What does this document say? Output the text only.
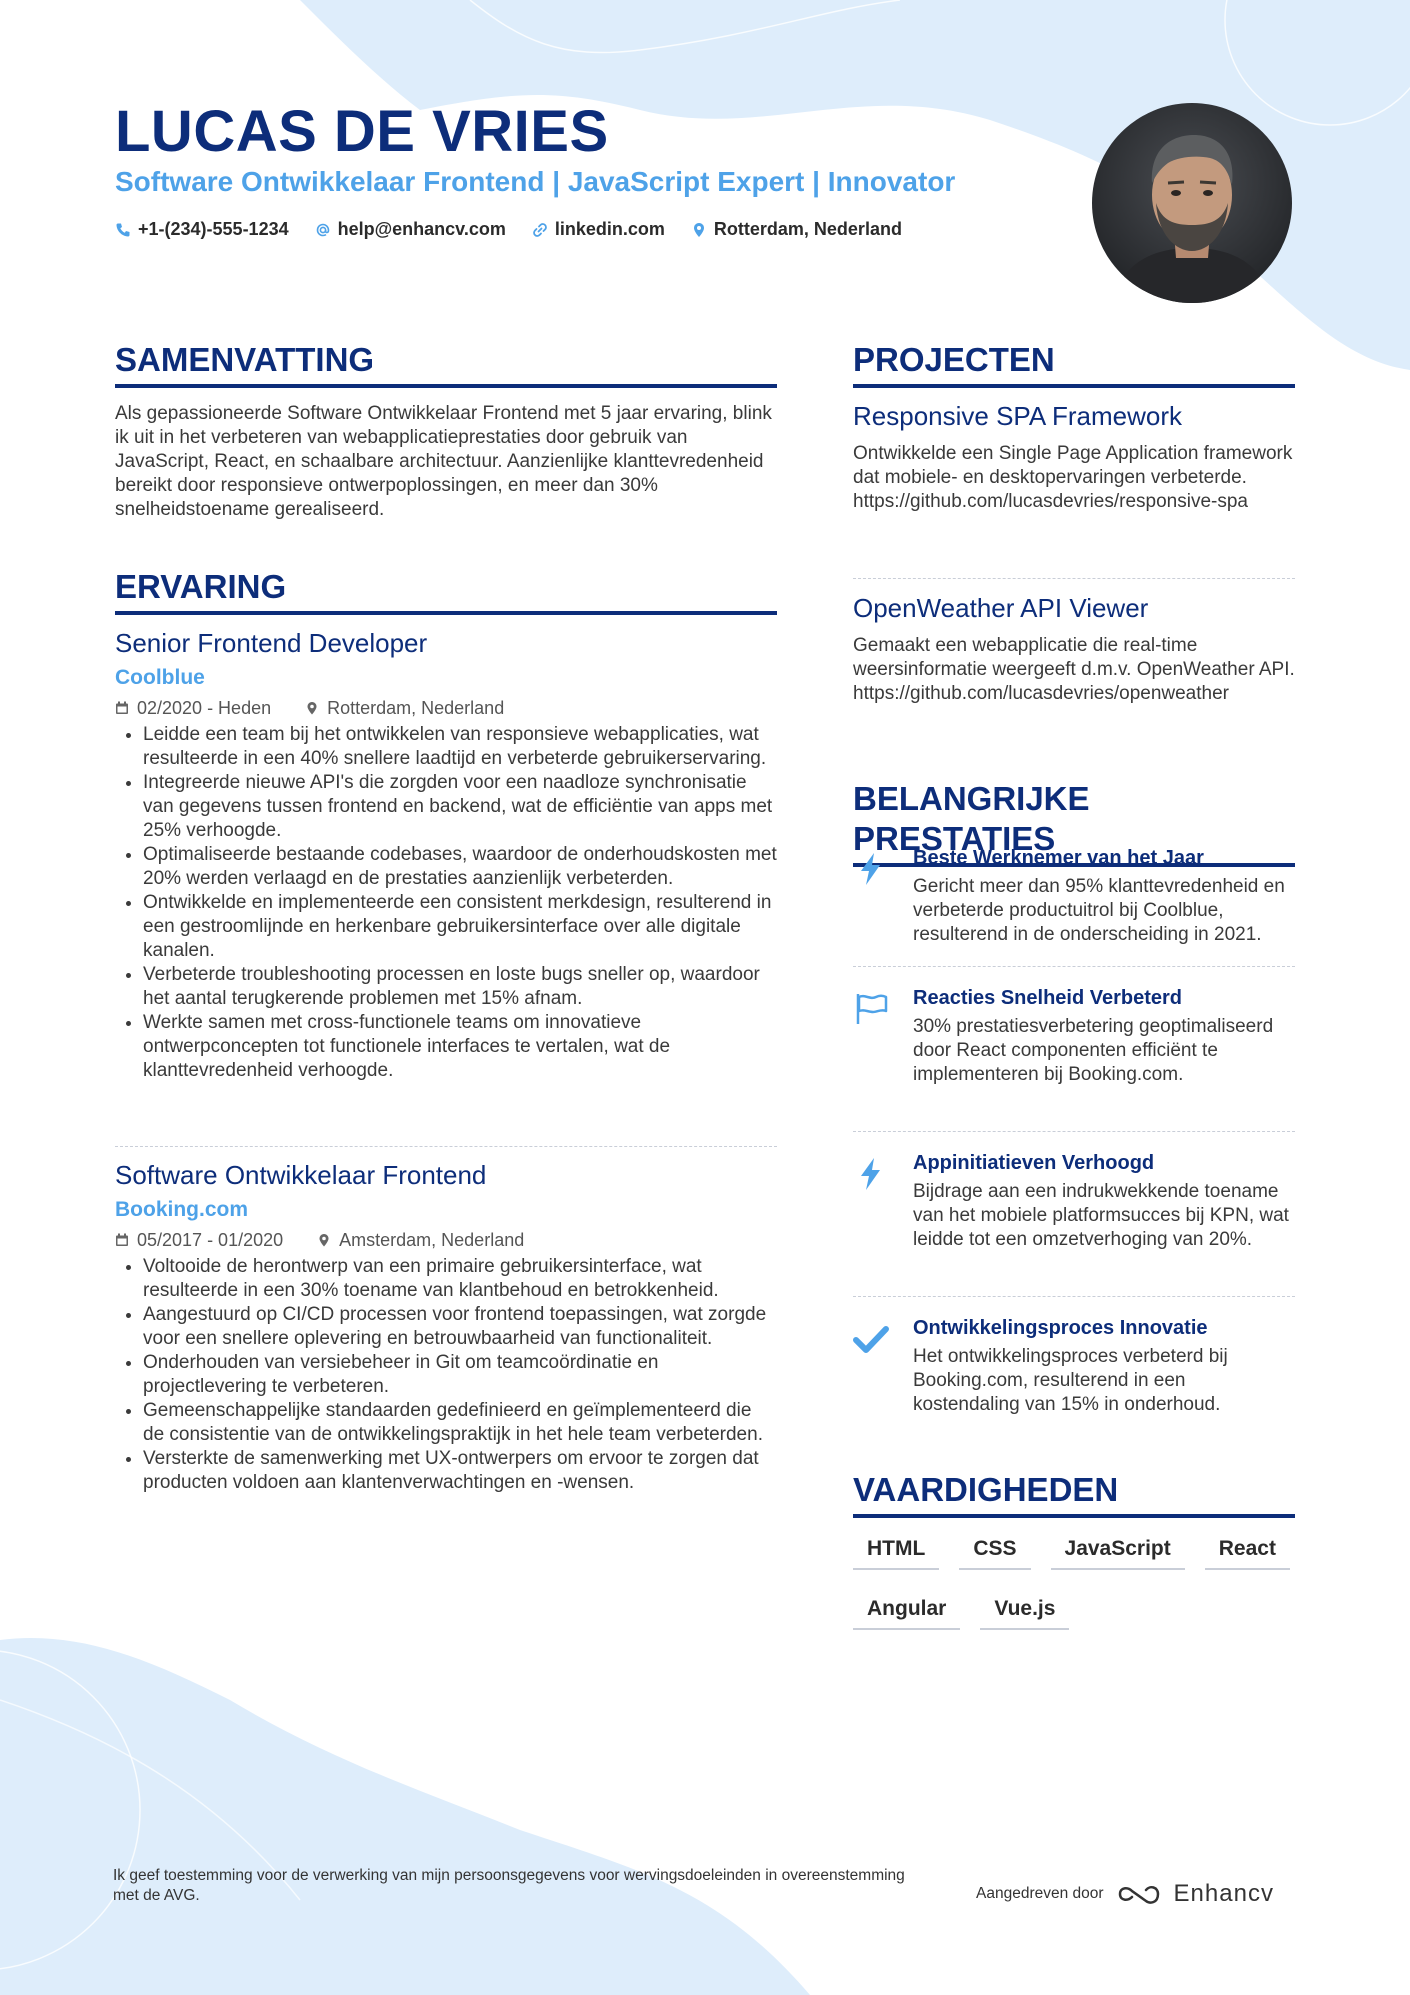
LUCAS DE VRIES
Software Ontwikkelaar Frontend | JavaScript Expert | Innovator
+1-(234)-555-1234	help@enhancv.com	linkedin.com	Rotterdam, Nederland
SAMENVATTING
Als gepassioneerde Software Ontwikkelaar Frontend met 5 jaar ervaring, blink ik uit in het verbeteren van webapplicatieprestaties door gebruik van JavaScript, React, en schaalbare architectuur. Aanzienlijke klanttevredenheid bereikt door responsieve ontwerpoplossingen, en meer dan 30% snelheidstoename gerealiseerd.
ERVARING
Senior Frontend Developer
Coolblue
02/2020 - Heden	Rotterdam, Nederland
• Leidde een team bij het ontwikkelen van responsieve webapplicaties, wat resulteerde in een 40% snellere laadtijd en verbeterde gebruikerservaring.
• Integreerde nieuwe API's die zorgden voor een naadloze synchronisatie van gegevens tussen frontend en backend, wat de efficiëntie van apps met 25% verhoogde.
• Optimaliseerde bestaande codebases, waardoor de onderhoudskosten met 20% werden verlaagd en de prestaties aanzienlijk verbeterden.
• Ontwikkelde en implementeerde een consistent merkdesign, resulterend in een gestroomlijnde en herkenbare gebruikersinterface over alle digitale kanalen.
• Verbeterde troubleshooting processen en loste bugs sneller op, waardoor het aantal terugkerende problemen met 15% afnam.
• Werkte samen met cross-functionele teams om innovatieve ontwerpconcepten tot functionele interfaces te vertalen, wat de klanttevredenheid verhoogde.
Software Ontwikkelaar Frontend
Booking.com
05/2017 - 01/2020	Amsterdam, Nederland
• Voltooide de herontwerp van een primaire gebruikersinterface, wat resulteerde in een 30% toename van klantbehoud en betrokkenheid.
• Aangestuurd op CI/CD processen voor frontend toepassingen, wat zorgde voor een snellere oplevering en betrouwbaarheid van functionaliteit.
• Onderhouden van versiebeheer in Git om teamcoördinatie en projectlevering te verbeteren.
• Gemeenschappelijke standaarden gedefinieerd en geïmplementeerd die de consistentie van de ontwikkelingspraktijk in het hele team verbeterden.
• Versterkte de samenwerking met UX-ontwerpers om ervoor te zorgen dat producten voldoen aan klantenverwachtingen en -wensen.
PROJECTEN
Responsive SPA Framework
Ontwikkelde een Single Page Application framework dat mobiele- en desktopervaringen verbeterde. https://github.com/lucasdevries/responsive-spa
OpenWeather API Viewer
Gemaakt een webapplicatie die real-time weersinformatie weergeeft d.m.v. OpenWeather API. https://github.com/lucasdevries/openweather
BELANGRIJKE PRESTATIES
Beste Werknemer van het Jaar
Gericht meer dan 95% klanttevredenheid en verbeterde productuitrol bij Coolblue, resulterend in de onderscheiding in 2021.
Reacties Snelheid Verbeterd
30% prestatiesverbetering geoptimaliseerd door React componenten efficiënt te implementeren bij Booking.com.
Appinitiatieven Verhoogd
Bijdrage aan een indrukwekkende toename van het mobiele platformsucces bij KPN, wat leidde tot een omzetverhoging van 20%.
Ontwikkelingsproces Innovatie
Het ontwikkelingsproces verbeterd bij Booking.com, resulterend in een kostendaling van 15% in onderhoud.
VAARDIGHEDEN
HTML	CSS	JavaScript	React
Angular	Vue.js
Ik geef toestemming voor de verwerking van mijn persoonsgegevens voor wervingsdoeleinden in overeenstemming met de AVG.	Aangedreven door	Enhancv
